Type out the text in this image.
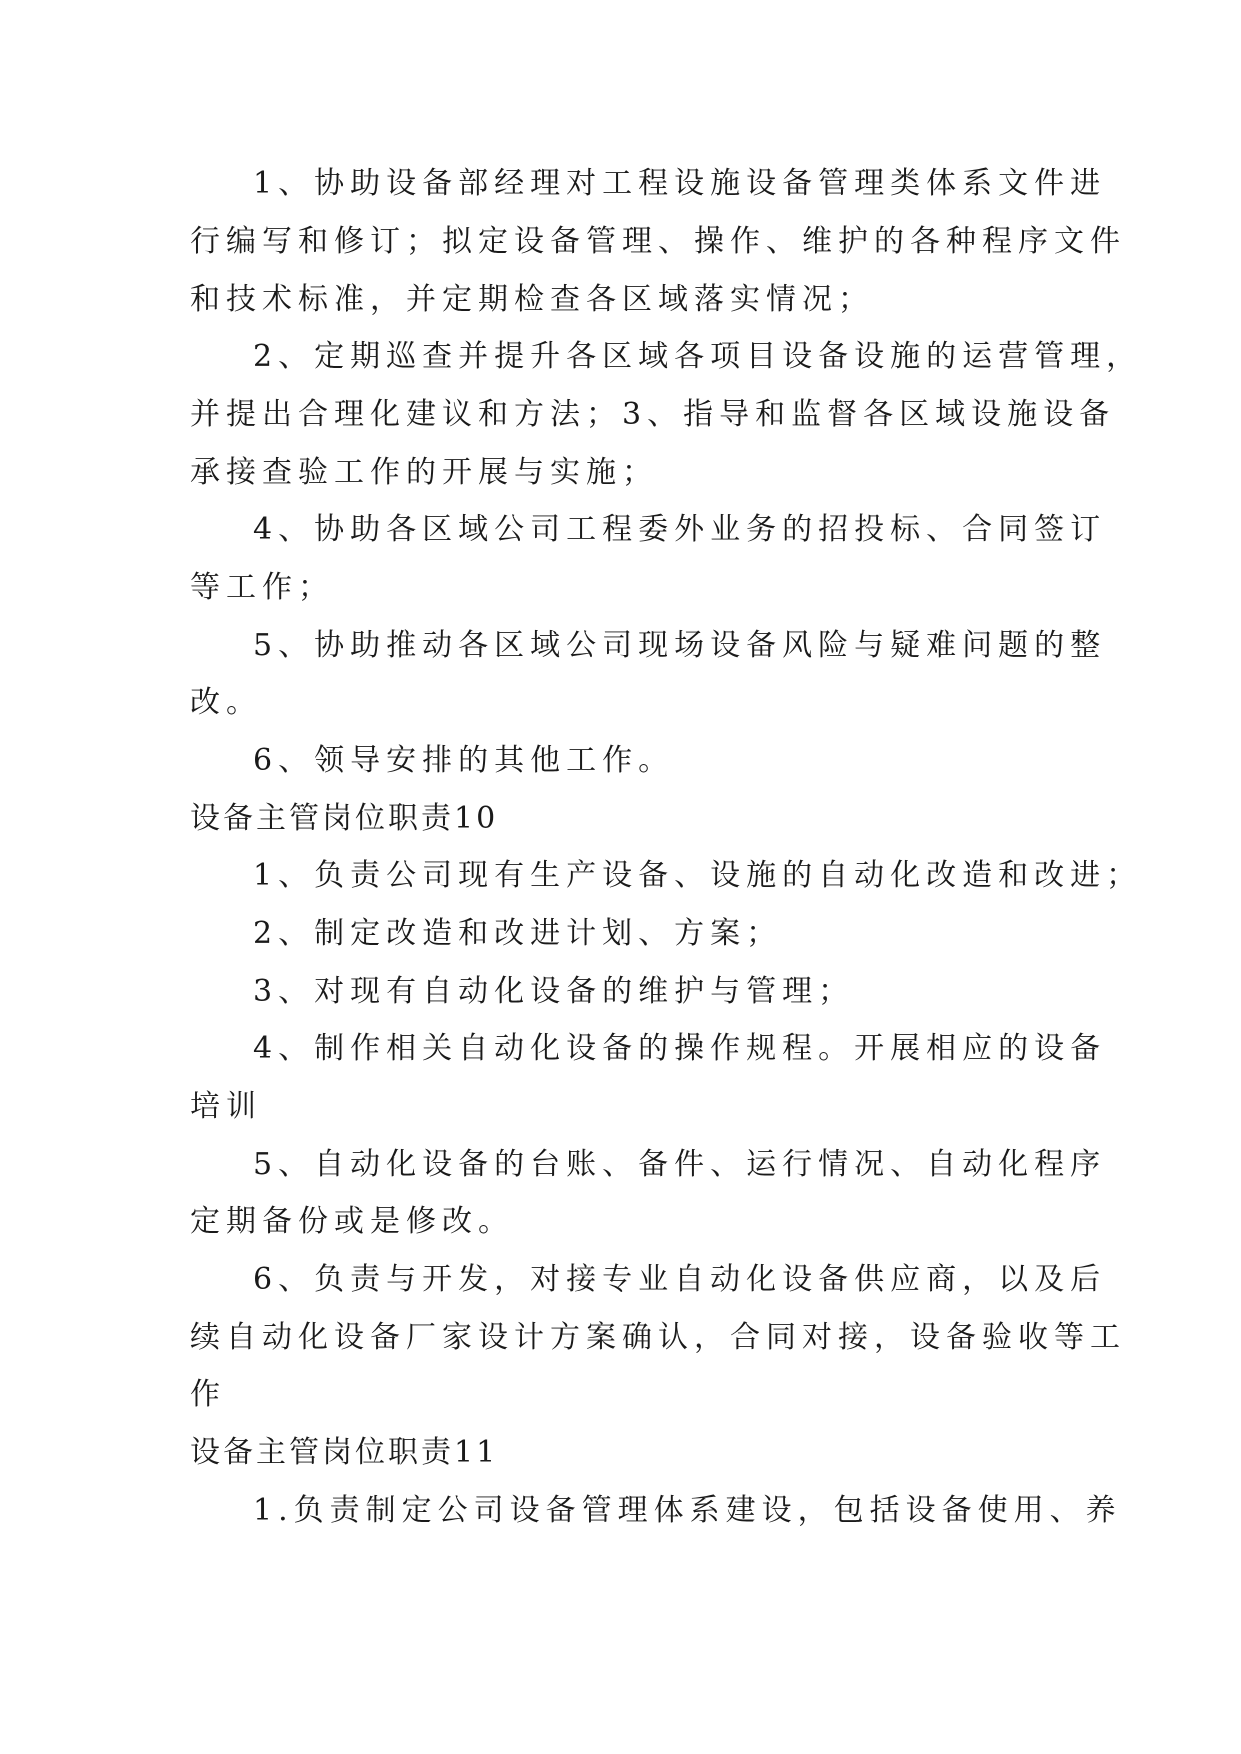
1、协助设备部经理对工程设施设备管理类体系文件进
行编写和修订；拟定设备管理、操作、维护的各种程序文件
和技术标准，并定期检查各区域落实情况；
2、定期巡查并提升各区域各项目设备设施的运营管理，
并提出合理化建议和方法；3、指导和监督各区域设施设备
承接查验工作的开展与实施；
4、协助各区域公司工程委外业务的招投标、合同签订
等工作；
5、协助推动各区域公司现场设备风险与疑难问题的整
改。
6、领导安排的其他工作。
设备主管岗位职责10
1、负责公司现有生产设备、设施的自动化改造和改进；
2、制定改造和改进计划、方案；
3、对现有自动化设备的维护与管理；
4、制作相关自动化设备的操作规程。开展相应的设备
培训
5、自动化设备的台账、备件、运行情况、自动化程序
定期备份或是修改。
6、负责与开发，对接专业自动化设备供应商，以及后
续自动化设备厂家设计方案确认，合同对接，设备验收等工
作
设备主管岗位职责11
1.负责制定公司设备管理体系建设，包括设备使用、养
